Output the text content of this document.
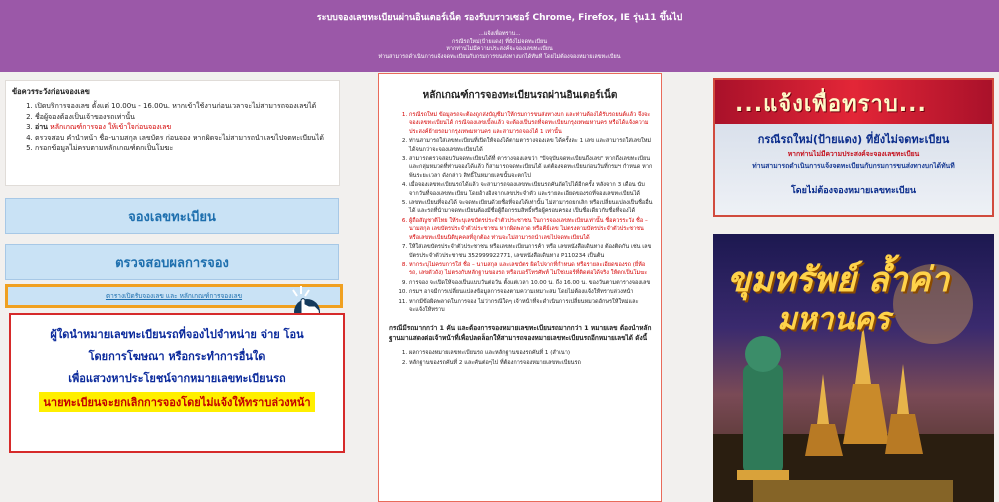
ระบบจองเลขทะเบียนผ่านอินเตอร์เน็ต รองรับบราวเซอร์ Chrome, Firefox, IE รุ่น11 ขึ้นไป
...แจ้งเพื่อทราบ...
กรณีรถใหม่(ป้ายแดง) ที่ยังไม่จดทะเบียน
หากท่านไม่มีความประสงค์จะจองเลขทะเบียน
ท่านสามารถดำเนินการแจ้งจดทะเบียนกับกรมการขนส่งทางบกได้ทันที โดยไม่ต้องจองหมายเลขทะเบียน
ข้อควรระวังก่อนจองเลข
1. เปิดบริการจองเลข ตั้งแต่ 10.00น - 16.00น. หากเข้าใช้งานก่อนเวลาจะไม่สามารถจองเลขได้
2. ชื่อผู้จองต้องเป็นเจ้าของรถเท่านั้น
3. อ่าน หลักเกณฑ์การจอง ให้เข้าใจก่อนจองเลข
4. ตรวจสอบ คำนำหน้า ชื่อ-นามสกุล เลขบัตร ก่อนจอง หากผิดจะไม่สามารถนำเลขไปจดทะเบียนได้
5. กรอกข้อมูลไม่ครบตามหลักเกณฑ์ตกเป็นโมฆะ
จองเลขทะเบียน
ตรวจสอบผลการจอง
ตารางเปิดรับจองเลข และ หลักเกณฑ์การจองเลข

ผู้ใดนำหมายเลขทะเบียนรถที่จองไปจำหน่าย จ่าย โอน

โดยการโฆษณา หรือกระทำการอื่นใด

เพื่อแสวงหาประโยชน์จากหมายเลขทะเบียนรถ

นายทะเบียนจะยกเลิกการจองโดยไม่แจ้งให้ทราบล่วงหน้า
หลักเกณฑ์การจองทะเบียนรถผ่านอินเตอร์เน็ต
1. กรณีรถใหม่ ข้อมูลรถจะต้องถูกส่งบัญชีมาให้กรมการขนส่งทางบก และท่านต้องได้รับรถยนต์แล้ว จึงจะจองเลขทะเบียนได้ กรณีจองเลขเบิ้ลแล้ว จะต้องเป็นรถที่จดทะเบียนกรุงเทพมหานคร หรือได้แจ้งความประสงค์ย้ายรถมากรุงเทพมหานคร และสามารถจองได้ 1 เท่านั้น
2. ท่านสามารถใส่เลขทะเบียนที่เปิดให้จองได้ตามตารางจองเลข ได้ครั้งละ 1 เลข และสามารถใส่เลขใหม่ได้จนกว่าจะจองเลขทะเบียนได้
3. สามารถตรวจสอบวันจดทะเบียนได้ที่ ตารางจองเลขว่า "ปัจจุบันจดทะเบียนถึงเลข" หากถึงเลขทะเบียน และกลุ่มหมวดที่ท่านจองได้แล้ว ก็สามารถจดทะเบียนได้ แต่ต้องจดทะเบียนก่อนวันที่กรมฯ กำหนด หากพ้นระยะเวลา ดังกล่าว สิทธิ์ในหมายเลขนั้นจะตกไป
4. เมื่อจองเลขทะเบียนรถได้แล้ว จะสามารถจองเลขทะเบียนรถคันถัดไปได้อีกครั้ง หลังจาก 3 เดือน นับจากวันที่จองเลขทะเบียน โดยอ้างอิงจากเลขประจำตัว และรายละเอียดของรถที่จองเลขทะเบียนได้
5. เลขทะเบียนที่จองได้ จะจดทะเบียนด้วยชื่อที่จองได้เท่านั้น ไม่สามารถยกเลิก หรือเปลี่ยนแปลงเป็นชื่ออื่นได้ และรถที่นำมาจดทะเบียนต้องมีชื่อผู้ถือกรรมสิทธิ์หรือผู้ครอบครอง เป็นชื่อเดียวกับชื่อที่จองได้
6. ผู้ถือสัญชาติไทย ให้ระบุเลขบัตรประจำตัวประชาชน ในการจองเลขทะเบียนเท่านั้น ชื่อควรระวัง ชื่อ – นามสกุล เลขบัตรประจำตัวประชาชน หากผิดพลาด หรือคีย์เลข ไม่ตรงตามบัตรประจำตัวประชาชน หรือเลขทะเบียนนิติบุคคลที่ถูกต้อง ท่านจะไม่สามารถนำเลขไปจดทะเบียนได้
7. ให้ใส่เลขบัตรประจำตัวประชาชน หรือเลขทะเบียนการค้า หรือ เลขหนังสือเดินทาง ต้องติดกัน เช่น เลขบัตรประจำตัวประชาชน 352999922771, เลขหนังสือเดินทาง P110234 เป็นต้น
8. หากระบุไม่ครบการใส่ ชื่อ – นามสกุล และเลขบัตร ผิดไปจากที่กำหนด หรือรายละเอียดของรถ (ยี่ห้อรถ, เลขตัวถัง) ไม่ตรงกับหลักฐานของรถ หรือเบอร์โทรศัพท์ ไม่ใช่เบอร์ที่ติดต่อได้จริง ให้ตกเป็นโมฆะ
9. การจอง จะเปิดให้จองเป็นแบบวันต่อวัน ตั้งแต่เวลา 10.00 น. ถึง 16.00 น. ของวันตามตารางจองเลข
10. กรมฯ อาจมีการเปลี่ยนแปลงข้อมูลการจองตามความเหมาะสม โดยไม่ต้องแจ้งให้ทราบล่วงหน้า
11. หากมีข้อผิดพลาดในการจอง ไม่ว่ากรณีใดๆ เจ้าหน้าที่จะดำเนินการเปลี่ยนหมวดอักษรให้ใหม่และจะแจ้งให้ทราบ
กรณีมีรถมากกว่า 1 คัน และต้องการจองหมายเลขทะเบียนรถมากกว่า 1 หมายเลข ต้องนำหลักฐานมาแสดงต่อเจ้าหน้าที่เพื่อปลดล็อกให้สามารถจองหมายเลขทะเบียนรถอีกหมายเลขได้ ดังนี้
1. ผลการจองหมายเลขทะเบียนรถ และหลักฐานของรถคันที่ 1 (สำเนา)
2. หลักฐานของรถคันที่ 2 และคันต่อๆไป ที่ต้องการจองหมายเลขทะเบียนรถ
...แจ้งเพื่อทราบ...
กรณีรถใหม่(ป้ายแดง) ที่ยังไม่จดทะเบียน
หากท่านไม่มีความประสงค์จะจองเลขทะเบียน
ท่านสามารถดำเนินการแจ้งจดทะเบียนกับกรมการขนส่งทางบกได้ทันที
โดยไม่ต้องจองหมายเลขทะเบียน
ขุมทรัพย์ ล้ำค่า
มหานคร
